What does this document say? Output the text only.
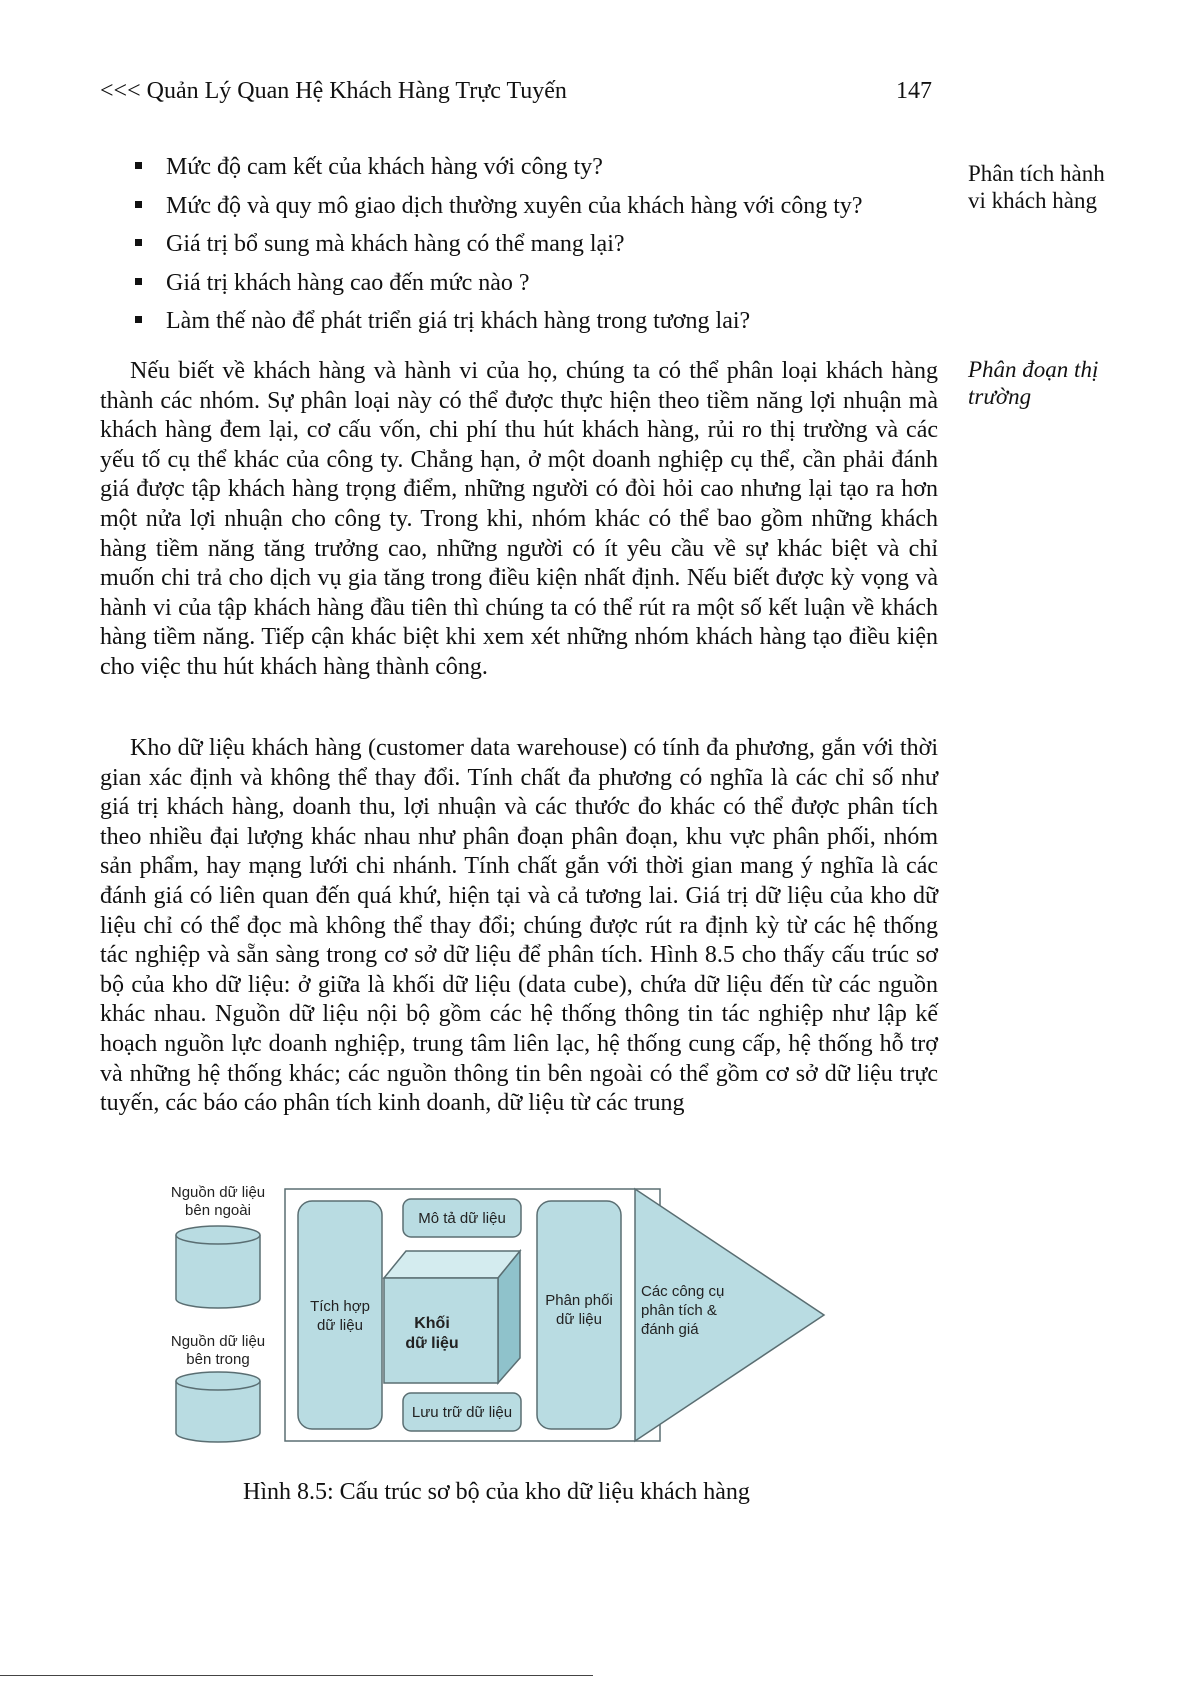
<<< Quản Lý Quan Hệ Khách Hàng Trực Tuyến	147
Mức độ cam kết của khách hàng với công ty?
Mức độ và quy mô giao dịch thường xuyên của khách hàng với công ty?
Giá trị bổ sung mà khách hàng có thể mang lại?
Giá trị khách hàng cao đến mức nào ?
Làm thế nào để phát triển giá trị khách hàng trong tương lai?
Phân tích hành vi khách hàng
Phân đoạn thị trường

Nếu biết về khách hàng và hành vi của họ, chúng ta có thể phân loại khách hàng thành các nhóm. Sự phân loại này có thể được thực hiện theo tiềm năng lợi nhuận mà khách hàng đem lại, cơ cấu vốn, chi phí thu hút khách hàng, rủi ro thị trường và các yếu tố cụ thể khác của công ty. Chẳng hạn, ở một doanh nghiệp cụ thể, cần phải đánh giá được tập khách hàng trọng điểm, những người có đòi hỏi cao nhưng lại tạo ra hơn một nửa lợi nhuận cho công ty. Trong khi, nhóm khác có thể bao gồm những khách hàng tiềm năng tăng trưởng cao, những người có ít yêu cầu về sự khác biệt và chỉ muốn chi trả cho dịch vụ gia tăng trong điều kiện nhất định. Nếu biết được kỳ vọng và hành vi của tập khách hàng đầu tiên thì chúng ta có thể rút ra một số kết luận về khách hàng tiềm năng. Tiếp cận khác biệt khi xem xét những nhóm khách hàng tạo điều kiện cho việc thu hút khách hàng thành công.

Kho dữ liệu khách hàng (customer data warehouse) có tính đa phương, gắn với thời gian xác định và không thể thay đổi. Tính chất đa phương có nghĩa là các chỉ số như giá trị khách hàng, doanh thu, lợi nhuận và các thước đo khác có thể được phân tích theo nhiều đại lượng khác nhau như phân đoạn phân đoạn, khu vực phân phối, nhóm sản phẩm, hay mạng lưới chi nhánh. Tính chất gắn với thời gian mang ý nghĩa là các đánh giá có liên quan đến quá khứ, hiện tại và cả tương lai. Giá trị dữ liệu của kho dữ liệu chỉ có thể đọc mà không thể thay đổi; chúng được rút ra định kỳ từ các hệ thống tác nghiệp và sẵn sàng trong cơ sở dữ liệu để phân tích. Hình 8.5 cho thấy cấu trúc sơ bộ của kho dữ liệu: ở giữa là khối dữ liệu (data cube), chứa dữ liệu đến từ các nguồn khác nhau. Nguồn dữ liệu nội bộ gồm các hệ thống thông tin tác nghiệp như lập kế hoạch nguồn lực doanh nghiệp, trung tâm liên lạc, hệ thống cung cấp, hệ thống hỗ trợ và những hệ thống khác; các nguồn thông tin bên ngoài có thể gồm cơ sở dữ liệu trực tuyến, các báo cáo phân tích kinh doanh, dữ liệu từ các trung

Nguồn dữ liệu
bên ngoài
Nguồn dữ liệu
bên trong
Tích hợp
dữ liệu
Mô tả dữ liệu
Khối
dữ liệu
Lưu trữ dữ liệu
Phân phối
dữ liệu
Các công cụ
phân tích &
đánh giá
Hình 8.5: Cấu trúc sơ bộ của kho dữ liệu khách hàng
